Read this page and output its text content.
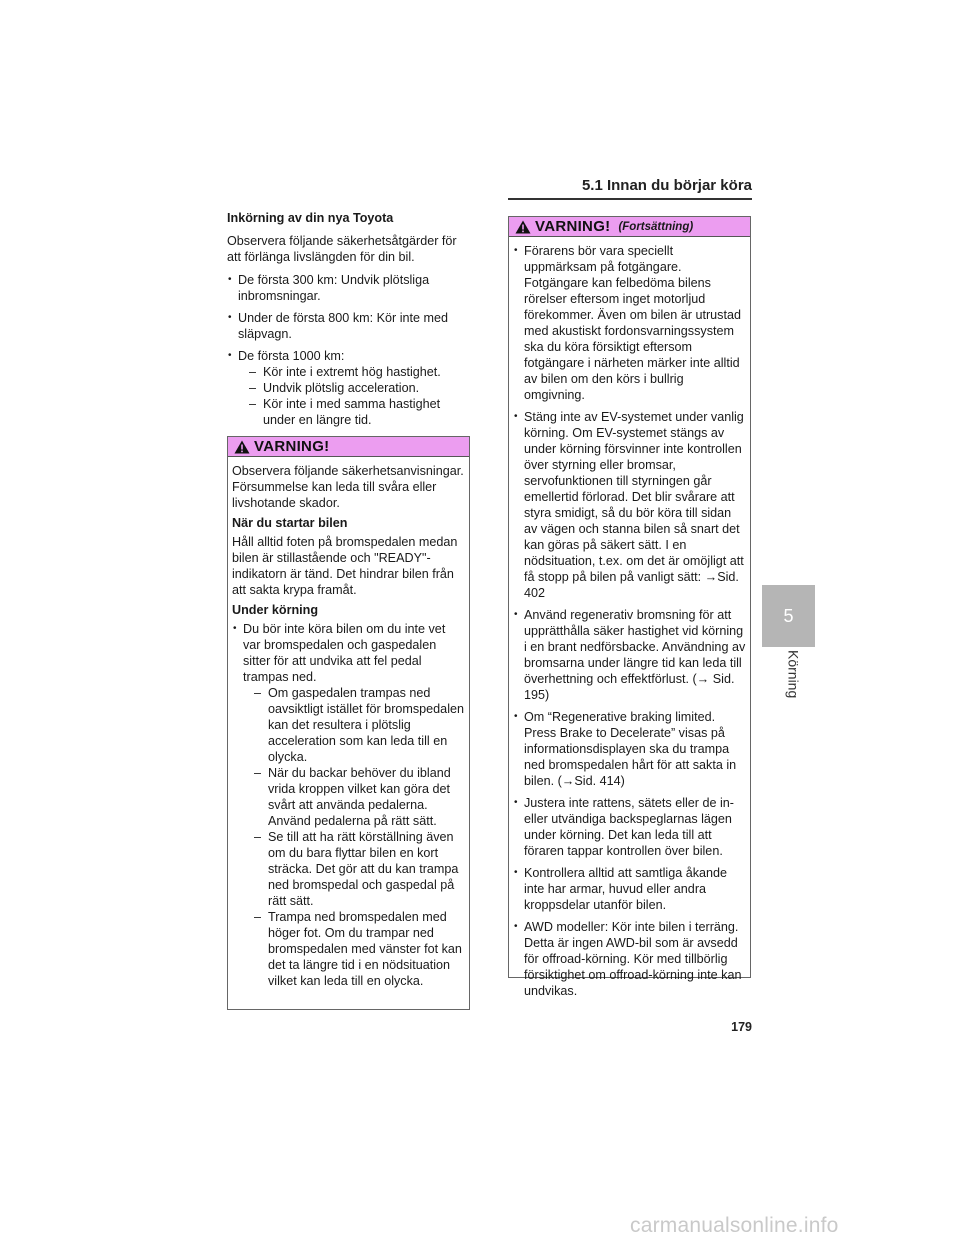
5.1 Innan du börjar köra
5
Körning

Inkörning av din nya Toyota

Observera följande säkerhetsåtgärder för att förlänga livslängden för din bil.

• De första 300 km: Undvik plötsliga inbromsningar.
• Under de första 800 km: Kör inte med släpvagn.
• De första 1000 km:
– Kör inte i extremt hög hastighet.
– Undvik plötslig acceleration.
– Kör inte i med samma hastighet under en längre tid.
VARNING!

Observera följande säkerhetsanvisningar. Försummelse kan leda till svåra eller livshotande skador.

När du startar bilen

Håll alltid foten på bromspedalen medan bilen är stillastående och "READY"-indikatorn är tänd. Det hindrar bilen från att sakta krypa framåt.

Under körning

• Du bör inte köra bilen om du inte vet var bromspedalen och gaspedalen sitter för att undvika att fel pedal trampas ned.
– Om gaspedalen trampas ned oavsiktligt istället för bromspedalen kan det resultera i plötslig acceleration som kan leda till en olycka.
– När du backar behöver du ibland vrida kroppen vilket kan göra det svårt att använda pedalerna. Använd pedalerna på rätt sätt.
– Se till att ha rätt körställning även om du bara flyttar bilen en kort sträcka. Det gör att du kan trampa ned bromspedal och gaspedal på rätt sätt.
– Trampa ned bromspedalen med höger fot. Om du trampar ned bromspedalen med vänster fot kan det ta längre tid i en nödsituation vilket kan leda till en olycka.
VARNING! (Fortsättning)
• Förarens bör vara speciellt uppmärksam på fotgängare. Fotgängare kan felbedöma bilens rörelser eftersom inget motorljud förekommer. Även om bilen är utrustad med akustiskt fordonsvarningssystem ska du köra försiktigt eftersom fotgängare i närheten märker inte alltid av bilen om den körs i bullrig omgivning.
• Stäng inte av EV-systemet under vanlig körning. Om EV-systemet stängs av under körning försvinner inte kontrollen över styrning eller bromsar, servofunktionen till styrningen går emellertid förlorad. Det blir svårare att styra smidigt, så du bör köra till sidan av vägen och stanna bilen så snart det kan göras på säkert sätt. I en nödsituation, t.ex. om det är omöjligt att få stopp på bilen på vanligt sätt: →Sid. 402
• Använd regenerativ bromsning för att upprätthålla säker hastighet vid körning i en brant nedförsbacke. Användning av bromsarna under längre tid kan leda till överhettning och effektförlust. (→ Sid. 195)
• Om “Regenerative braking limited. Press Brake to Decelerate” visas på informationsdisplayen ska du trampa ned bromspedalen hårt för att sakta in bilen. (→Sid. 414)
• Justera inte rattens, sätets eller de in- eller utvändiga backspeglarnas lägen under körning. Det kan leda till att föraren tappar kontrollen över bilen.
• Kontrollera alltid att samtliga åkande inte har armar, huvud eller andra kroppsdelar utanför bilen.
• AWD modeller: Kör inte bilen i terräng. Detta är ingen AWD-bil som är avsedd för offroad-körning. Kör med tillbörlig försiktighet om offroad-körning inte kan undvikas.
179
carmanualsonline.info
